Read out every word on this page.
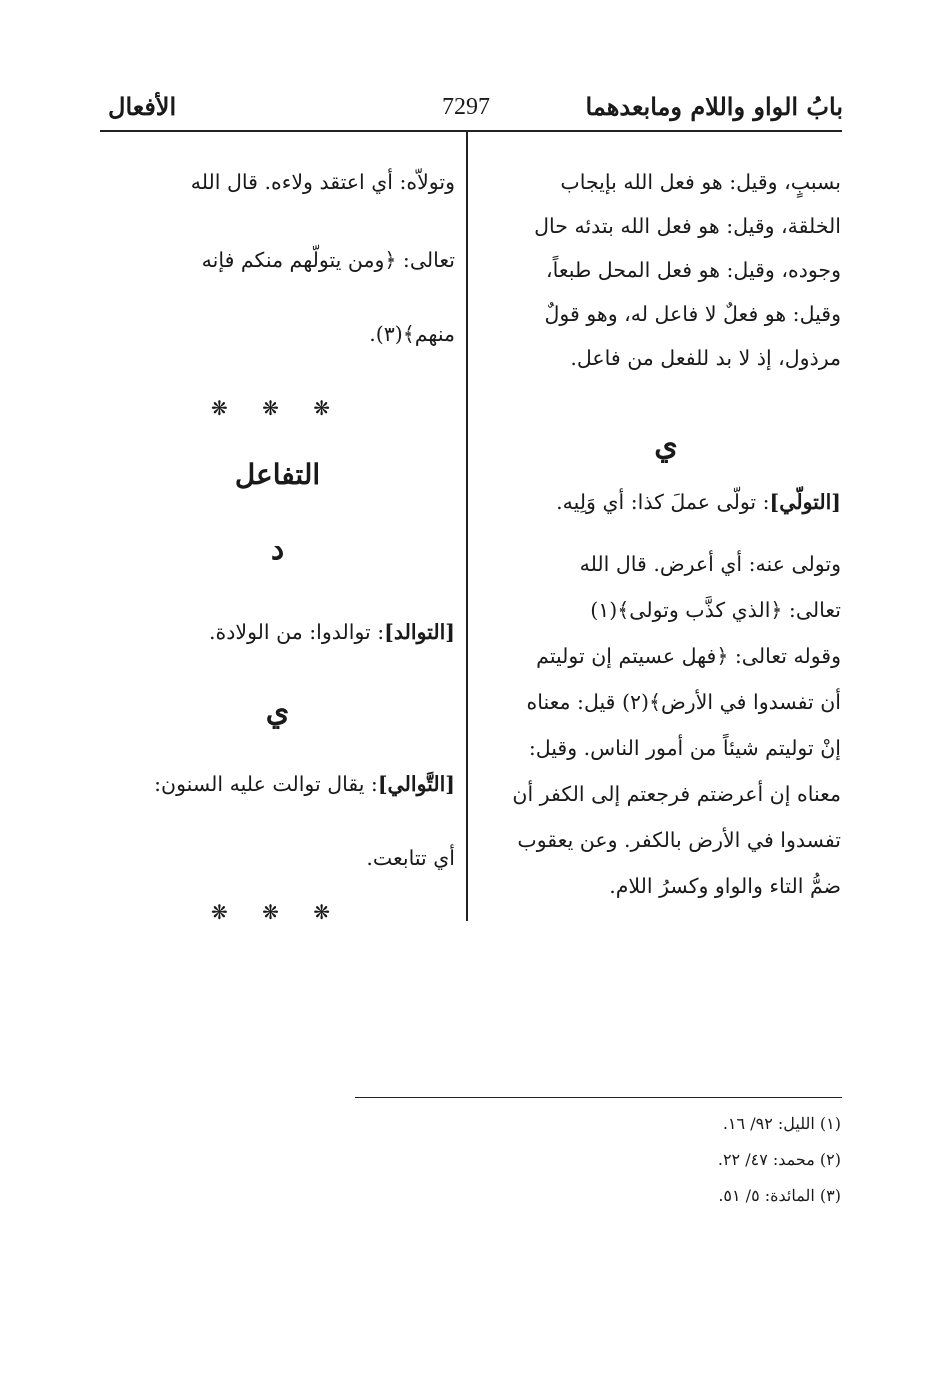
بابُ الواو واللام ومابعدهما
7297
الأفعال
بسببٍ، وقيل: هو فعل الله بإيجاب
الخلقة، وقيل: هو فعل الله بتدئه حال
وجوده، وقيل: هو فعل المحل طبعاً،
وقيل: هو فعلٌ لا فاعل له، وهو قولٌ
مرذول، إذ لا بد للفعل من فاعل.
ي
[التولّي]: تولّى عملَ كذا: أي وَلِيه.
وتولى عنه: أي أعرض. قال الله
تعالى: ﴿الذي كذَّب وتولى﴾(١)
وقوله تعالى: ﴿فهل عسيتم إن توليتم
أن تفسدوا في الأرض﴾(٢) قيل: معناه
إنْ توليتم شيئاً من أمور الناس. وقيل:
معناه إن أعرضتم فرجعتم إلى الكفر أن
تفسدوا في الأرض بالكفر. وعن يعقوب
ضمُّ التاء والواو وكسرُ اللام.
وتولاّه: أي اعتقد ولاءه. قال الله
تعالى: ﴿ومن يتولّهم منكم فإنه
منهم﴾(٣).
❋ ❋ ❋
التفاعل
د
[التوالد]: توالدوا: من الولادة.
ي
[التَّوالي]: يقال توالت عليه السنون:
أي تتابعت.
❋ ❋ ❋
(١) الليل: ٩٢/ ١٦.
(٢) محمد: ٤٧/ ٢٢.
(٣) المائدة: ٥/ ٥١.
